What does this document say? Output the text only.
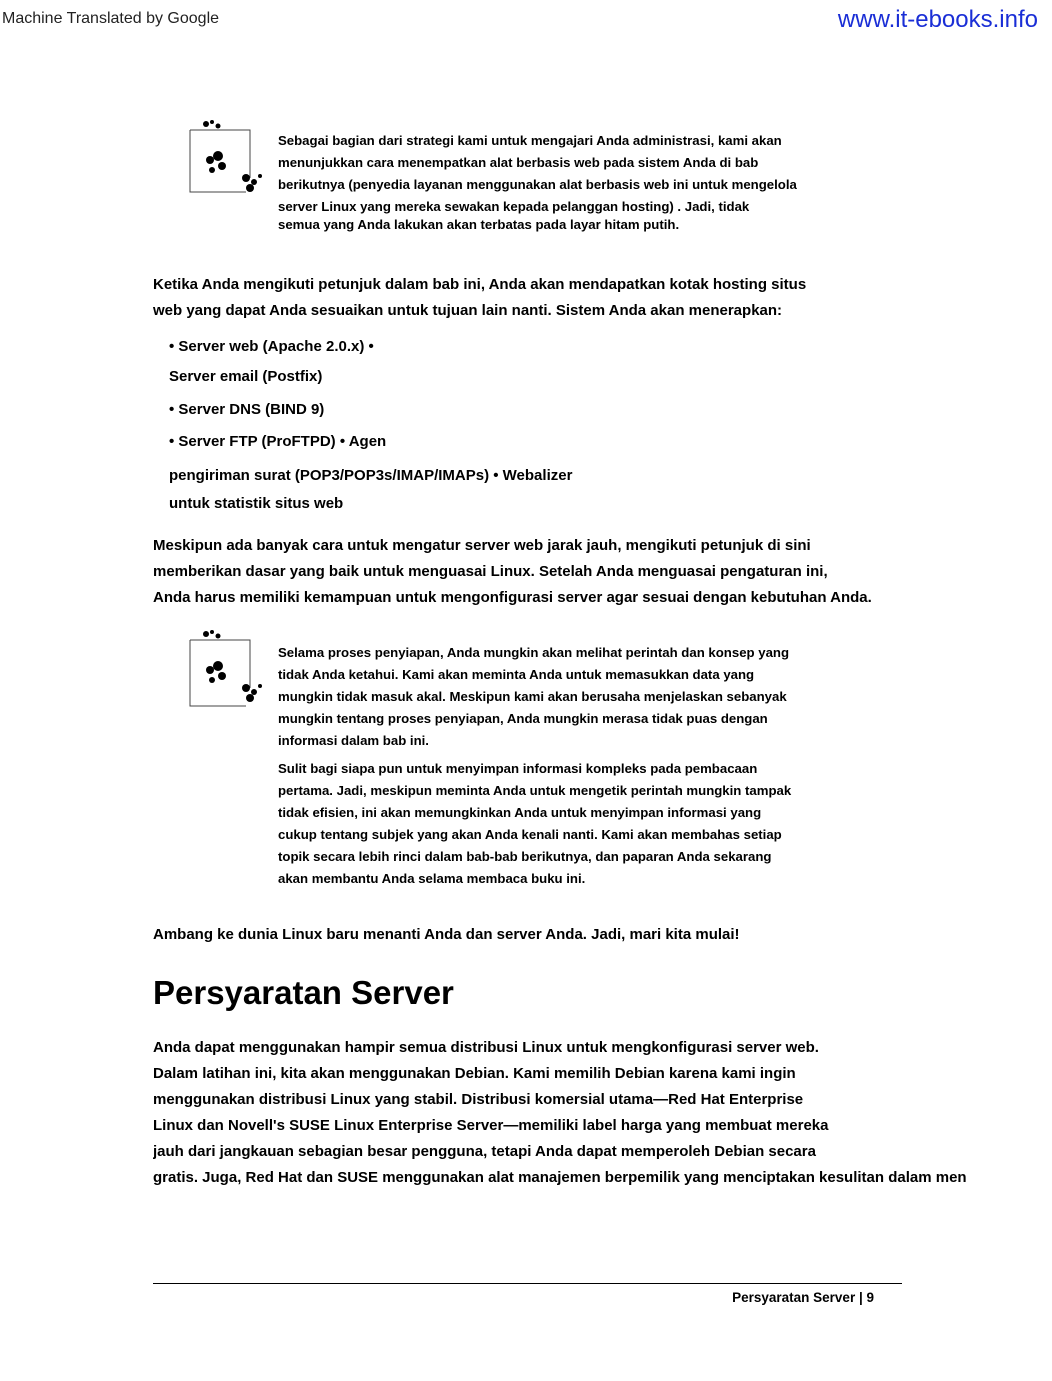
Machine Translated by Google	www.it-ebooks.info
Sebagai bagian dari strategi kami untuk mengajari Anda administrasi, kami akan
menunjukkan cara menempatkan alat berbasis web pada sistem Anda di bab
berikutnya (penyedia layanan menggunakan alat berbasis web ini untuk mengelola
server Linux yang mereka sewakan kepada pelanggan hosting) . Jadi, tidak
semua yang Anda lakukan akan terbatas pada layar hitam putih.
Ketika Anda mengikuti petunjuk dalam bab ini, Anda akan mendapatkan kotak hosting situs
web yang dapat Anda sesuaikan untuk tujuan lain nanti. Sistem Anda akan menerapkan:
• Server web (Apache 2.0.x) •
Server email (Postfix)
• Server DNS (BIND 9)
• Server FTP (ProFTPD) • Agen
pengiriman surat (POP3/POP3s/IMAP/IMAPs) • Webalizer
untuk statistik situs web
Meskipun ada banyak cara untuk mengatur server web jarak jauh, mengikuti petunjuk di sini
memberikan dasar yang baik untuk menguasai Linux. Setelah Anda menguasai pengaturan ini,
Anda harus memiliki kemampuan untuk mengonfigurasi server agar sesuai dengan kebutuhan Anda.
Selama proses penyiapan, Anda mungkin akan melihat perintah dan konsep yang
tidak Anda ketahui. Kami akan meminta Anda untuk memasukkan data yang
mungkin tidak masuk akal. Meskipun kami akan berusaha menjelaskan sebanyak
mungkin tentang proses penyiapan, Anda mungkin merasa tidak puas dengan
informasi dalam bab ini.
Sulit bagi siapa pun untuk menyimpan informasi kompleks pada pembacaan
pertama. Jadi, meskipun meminta Anda untuk mengetik perintah mungkin tampak
tidak efisien, ini akan memungkinkan Anda untuk menyimpan informasi yang
cukup tentang subjek yang akan Anda kenali nanti. Kami akan membahas setiap
topik secara lebih rinci dalam bab-bab berikutnya, dan paparan Anda sekarang
akan membantu Anda selama membaca buku ini.
Ambang ke dunia Linux baru menanti Anda dan server Anda. Jadi, mari kita mulai!
Persyaratan Server
Anda dapat menggunakan hampir semua distribusi Linux untuk mengkonfigurasi server web.
Dalam latihan ini, kita akan menggunakan Debian. Kami memilih Debian karena kami ingin
menggunakan distribusi Linux yang stabil. Distribusi komersial utama—Red Hat Enterprise
Linux dan Novell's SUSE Linux Enterprise Server—memiliki label harga yang membuat mereka
jauh dari jangkauan sebagian besar pengguna, tetapi Anda dapat memperoleh Debian secara
gratis. Juga, Red Hat dan SUSE menggunakan alat manajemen berpemilik yang menciptakan kesulitan dalam men
Persyaratan Server | 9
